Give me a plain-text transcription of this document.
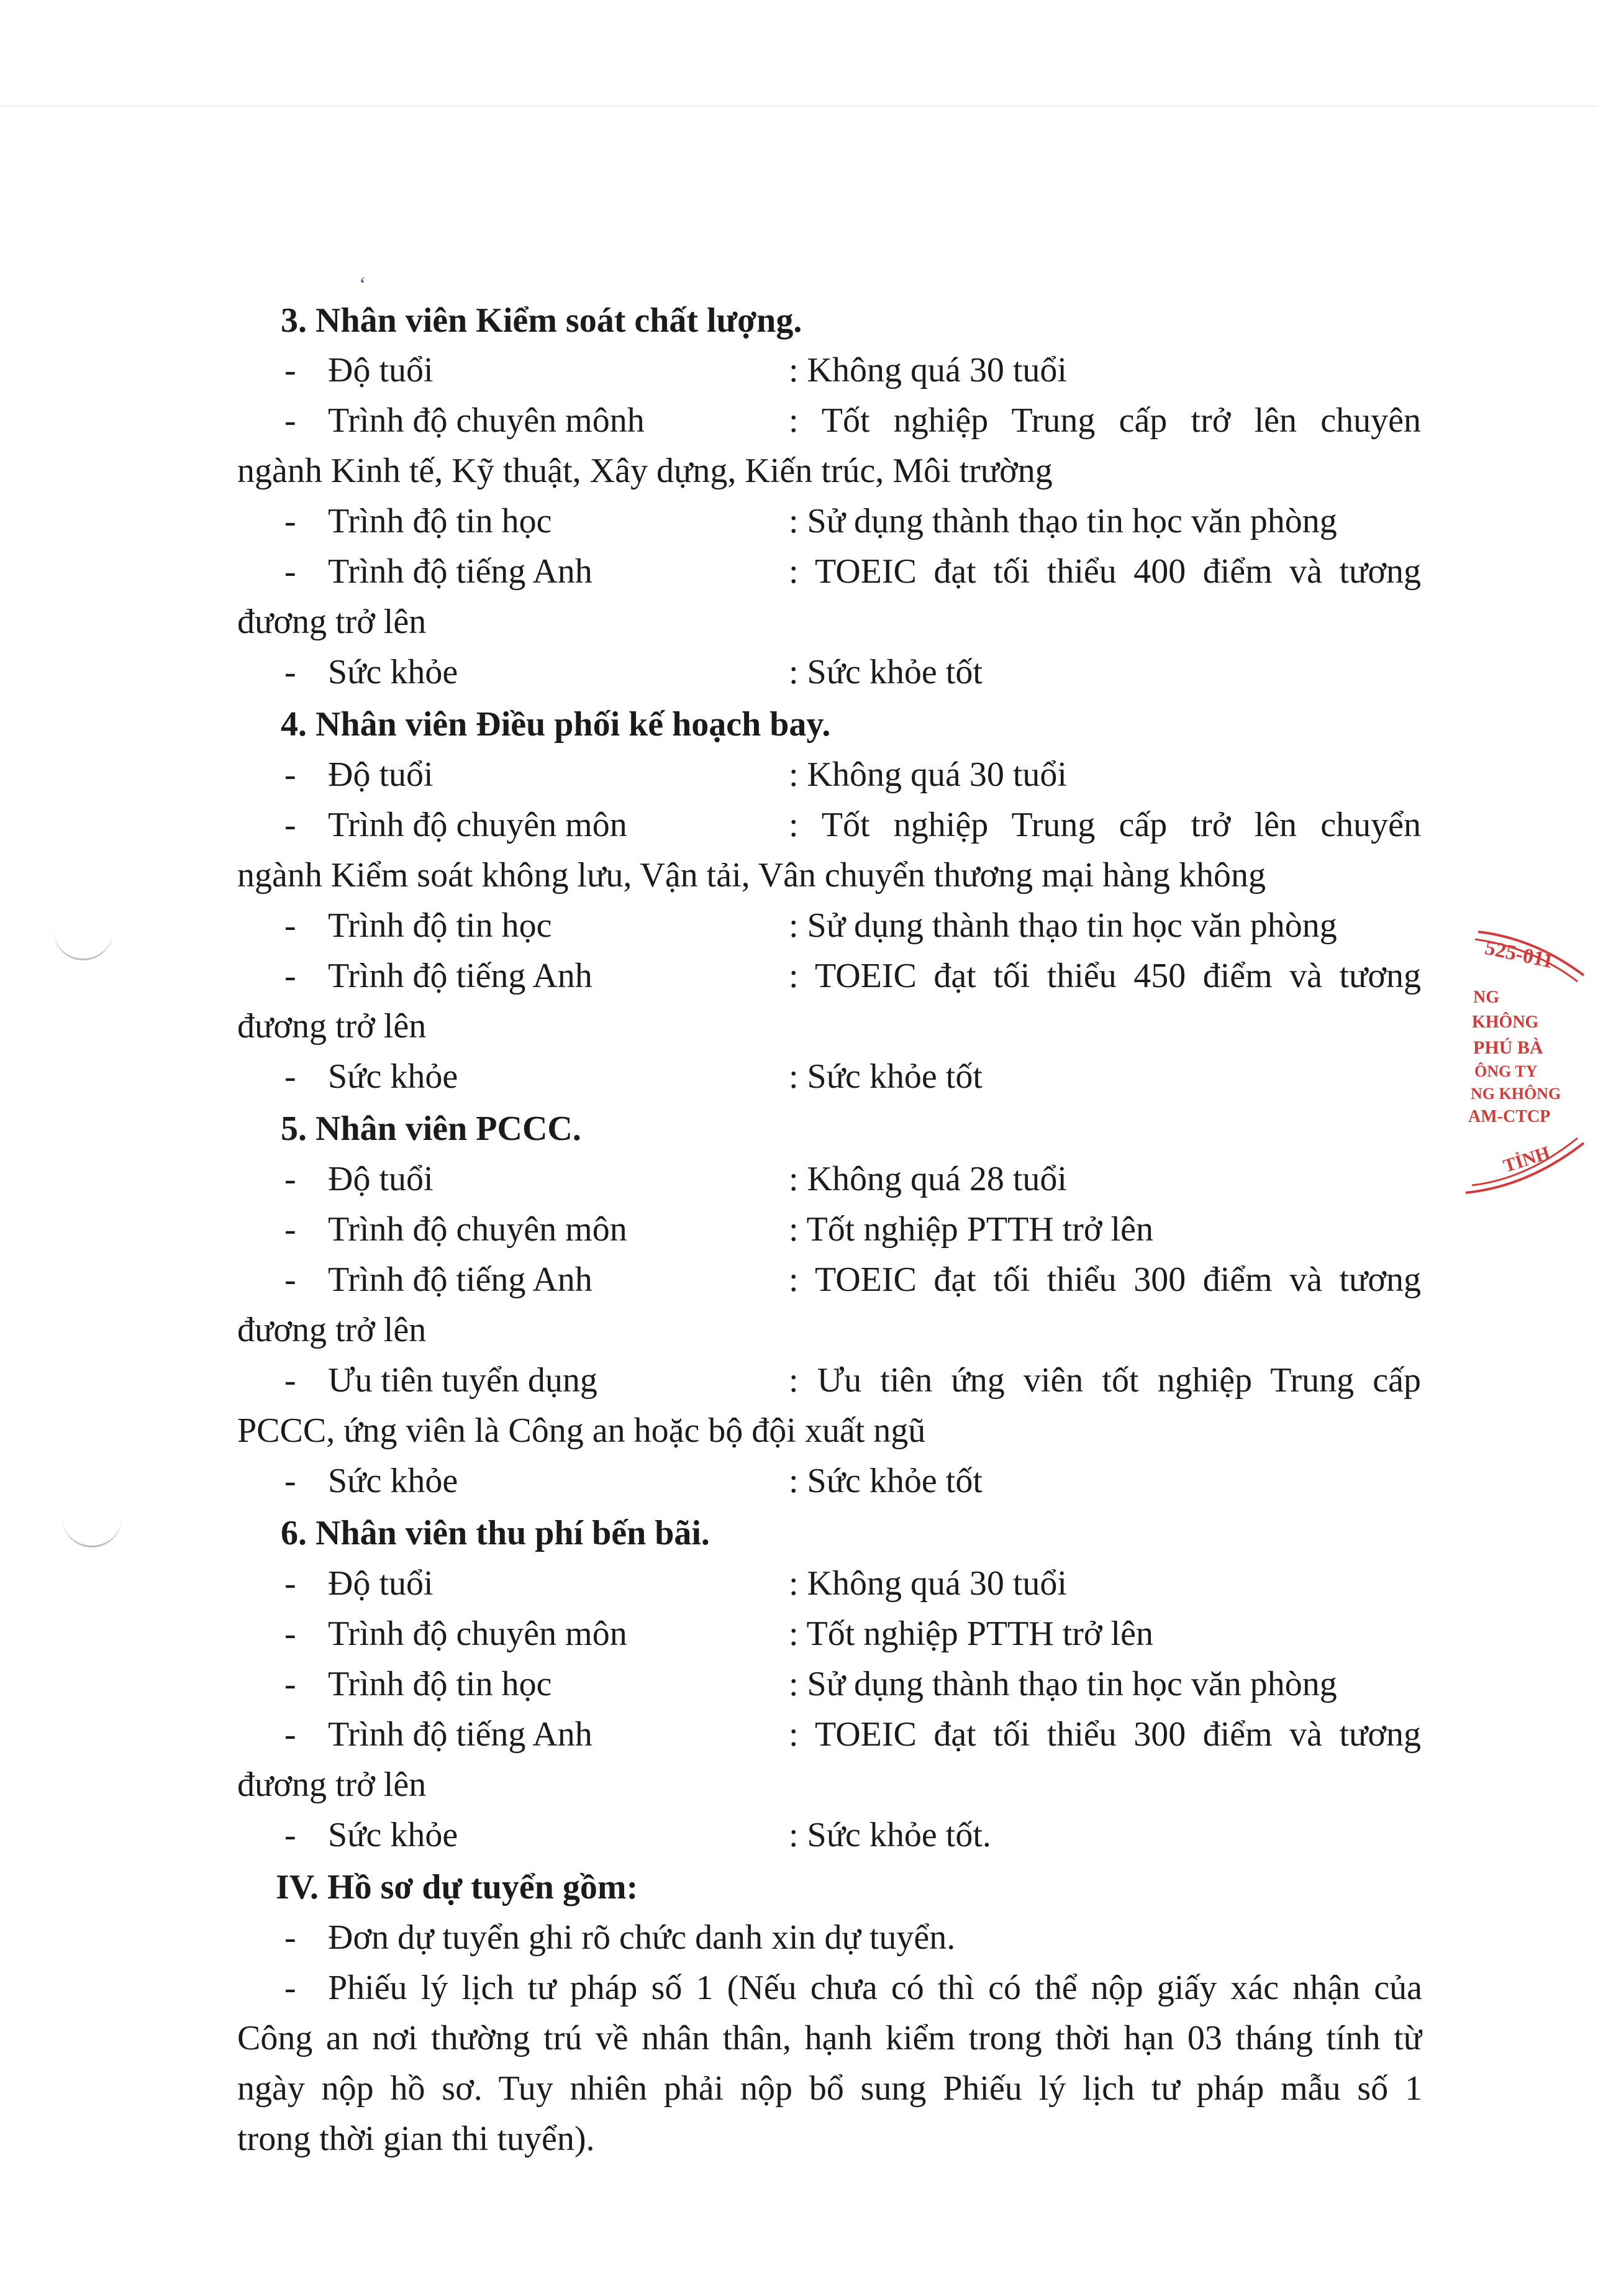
ʻ
3. Nhân viên Kiểm soát chất lượng.
- Độ tuổi	: Không quá 30 tuổi
- Trình độ chuyên mônh	: Tốt nghiệp Trung cấp trở lên chuyên
ngành Kinh tế, Kỹ thuật, Xây dựng, Kiến trúc, Môi trường
- Trình độ tin học	: Sử dụng thành thạo tin học văn phòng
- Trình độ tiếng Anh	: TOEIC đạt tối thiểu 400 điểm và tương
đương trở lên
- Sức khỏe	: Sức khỏe tốt
4. Nhân viên Điều phối kế hoạch bay.
- Độ tuổi	: Không quá 30 tuổi
- Trình độ chuyên môn	: Tốt nghiệp Trung cấp trở lên chuyển
ngành Kiểm soát không lưu, Vận tải, Vân chuyển thương mại hàng không
- Trình độ tin học	: Sử dụng thành thạo tin học văn phòng
- Trình độ tiếng Anh	: TOEIC đạt tối thiểu 450 điểm và tương
đương trở lên
- Sức khỏe	: Sức khỏe tốt
5. Nhân viên PCCC.
- Độ tuổi	: Không quá 28 tuổi
- Trình độ chuyên môn	: Tốt nghiệp PTTH trở lên
- Trình độ tiếng Anh	: TOEIC đạt tối thiểu 300 điểm và tương
đương trở lên
- Ưu tiên tuyển dụng	: Ưu tiên ứng viên tốt nghiệp Trung cấp
PCCC, ứng viên là Công an hoặc bộ đội xuất ngũ
- Sức khỏe	: Sức khỏe tốt
6. Nhân viên thu phí bến bãi.
- Độ tuổi	: Không quá 30 tuổi
- Trình độ chuyên môn	: Tốt nghiệp PTTH trở lên
- Trình độ tin học	: Sử dụng thành thạo tin học văn phòng
- Trình độ tiếng Anh	: TOEIC đạt tối thiểu 300 điểm và tương
đương trở lên
- Sức khỏe	: Sức khỏe tốt.
IV. Hồ sơ dự tuyển gồm:
- Đơn dự tuyển ghi rõ chức danh xin dự tuyển.
- Phiếu lý lịch tư pháp số 1 (Nếu chưa có thì có thể nộp giấy xác nhận của
Công an nơi thường trú về nhân thân, hạnh kiểm trong thời hạn 03 tháng tính từ
ngày nộp hồ sơ. Tuy nhiên phải nộp bổ sung Phiếu lý lịch tư pháp mẫu số 1
trong thời gian thi tuyển).
525-011
NG
KHÔNG
PHÚ BÀ
ÔNG TY
NG KHÔNG
AM-CTCP
TỈNH
